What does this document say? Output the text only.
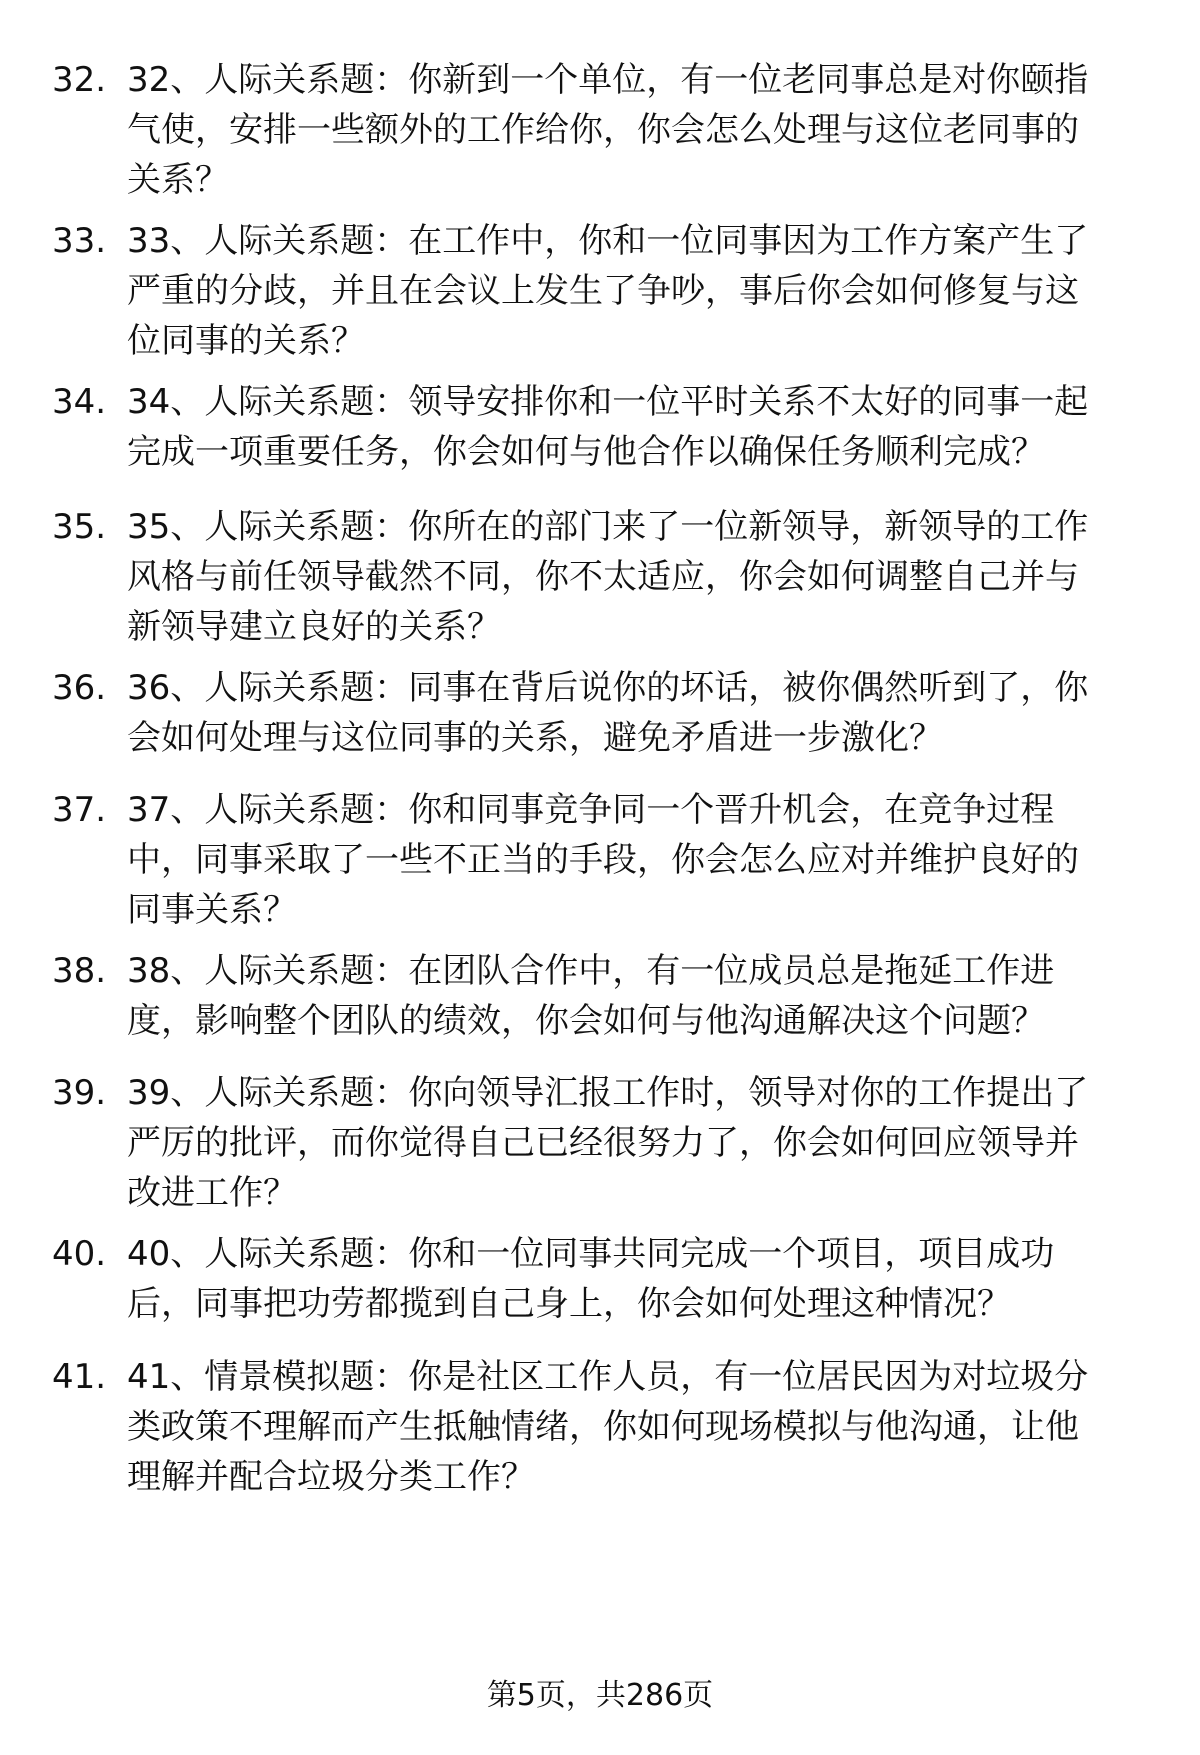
32. 32、人际关系题：你新到一个单位，有一位老同事总是对你颐指
气使，安排一些额外的工作给你，你会怎么处理与这位老同事的
关系？

33. 33、人际关系题：在工作中，你和一位同事因为工作方案产生了
严重的分歧，并且在会议上发生了争吵，事后你会如何修复与这
位同事的关系？

34. 34、人际关系题：领导安排你和一位平时关系不太好的同事一起
完成一项重要任务，你会如何与他合作以确保任务顺利完成？

35. 35、人际关系题：你所在的部门来了一位新领导，新领导的工作
风格与前任领导截然不同，你不太适应，你会如何调整自己并与
新领导建立良好的关系？

36. 36、人际关系题：同事在背后说你的坏话，被你偶然听到了，你
会如何处理与这位同事的关系，避免矛盾进一步激化？

37. 37、人际关系题：你和同事竞争同一个晋升机会，在竞争过程
中，同事采取了一些不正当的手段，你会怎么应对并维护良好的
同事关系？

38. 38、人际关系题：在团队合作中，有一位成员总是拖延工作进
度，影响整个团队的绩效，你会如何与他沟通解决这个问题？

39. 39、人际关系题：你向领导汇报工作时，领导对你的工作提出了
严厉的批评，而你觉得自己已经很努力了，你会如何回应领导并
改进工作？

40. 40、人际关系题：你和一位同事共同完成一个项目，项目成功
后，同事把功劳都揽到自己身上，你会如何处理这种情况？

41. 41、情景模拟题：你是社区工作人员，有一位居民因为对垃圾分
类政策不理解而产生抵触情绪，你如何现场模拟与他沟通，让他
理解并配合垃圾分类工作？

第5页，共286页
